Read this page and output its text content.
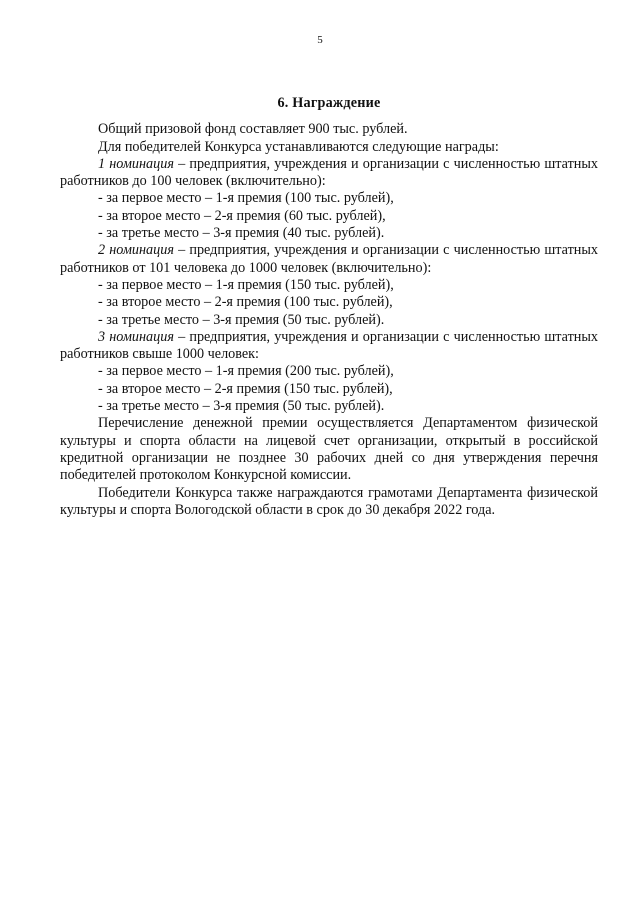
5
6. Награждение
Общий призовой фонд составляет 900 тыс. рублей.
Для победителей Конкурса устанавливаются следующие награды:
1 номинация – предприятия, учреждения и организации с численностью штатных работников до 100 человек (включительно):
- за первое место – 1-я премия (100 тыс. рублей),
- за второе место – 2-я премия (60 тыс. рублей),
- за третье место – 3-я премия (40 тыс. рублей).
2 номинация – предприятия, учреждения и организации с численностью штатных работников от 101 человека до 1000 человек (включительно):
- за первое место – 1-я премия (150 тыс. рублей),
- за второе место – 2-я премия (100 тыс. рублей),
- за третье место – 3-я премия (50 тыс. рублей).
3 номинация – предприятия, учреждения и организации с численностью штатных работников свыше 1000 человек:
- за первое место – 1-я премия (200 тыс. рублей),
- за второе место – 2-я премия (150 тыс. рублей),
- за третье место – 3-я премия (50 тыс. рублей).
Перечисление денежной премии осуществляется Департаментом физической культуры и спорта области на лицевой счет организации, открытый в российской кредитной организации не позднее 30 рабочих дней со дня утверждения перечня победителей протоколом Конкурсной комиссии.
Победители Конкурса также награждаются грамотами Департамента физической культуры и спорта Вологодской области в срок до 30 декабря 2022 года.
